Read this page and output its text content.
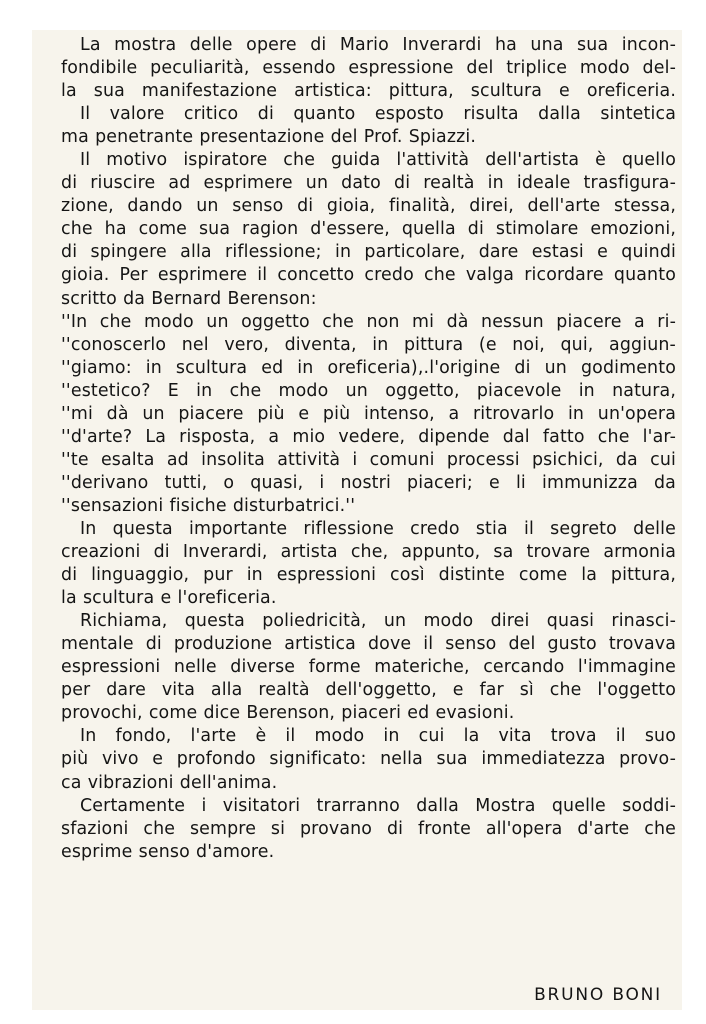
La mostra delle opere di Mario Inverardi ha una sua incon-
fondibile peculiarità, essendo espressione del triplice modo del-
la sua manifestazione artistica: pittura, scultura e oreficeria.
Il valore critico di quanto esposto risulta dalla sintetica
ma penetrante presentazione del Prof. Spiazzi.
Il motivo ispiratore che guida l'attività dell'artista è quello
di riuscire ad esprimere un dato di realtà in ideale trasfigura-
zione, dando un senso di gioia, finalità, direi, dell'arte stessa,
che ha come sua ragion d'essere, quella di stimolare emozioni,
di spingere alla riflessione; in particolare, dare estasi e quindi
gioia. Per esprimere il concetto credo che valga ricordare quanto
scritto da Bernard Berenson:
''In che modo un oggetto che non mi dà nessun piacere a ri-
''conoscerlo nel vero, diventa, in pittura (e noi, qui, aggiun-
''giamo: in scultura ed in oreficeria),.l'origine di un godimento
''estetico? E in che modo un oggetto, piacevole in natura,
''mi dà un piacere più e più intenso, a ritrovarlo in un'opera
''d'arte? La risposta, a mio vedere, dipende dal fatto che l'ar-
''te esalta ad insolita attività i comuni processi psichici, da cui
''derivano tutti, o quasi, i nostri piaceri; e li immunizza da
''sensazioni fisiche disturbatrici.''
In questa importante riflessione credo stia il segreto delle
creazioni di Inverardi, artista che, appunto, sa trovare armonia
di linguaggio, pur in espressioni così distinte come la pittura,
la scultura e l'oreficeria.
Richiama, questa poliedricità, un modo direi quasi rinasci-
mentale di produzione artistica dove il senso del gusto trovava
espressioni nelle diverse forme materiche, cercando l'immagine
per dare vita alla realtà dell'oggetto, e far sì che l'oggetto
provochi, come dice Berenson, piaceri ed evasioni.
In fondo, l'arte è il modo in cui la vita trova il suo
più vivo e profondo significato: nella sua immediatezza provo-
ca vibrazioni dell'anima.
Certamente i visitatori trarranno dalla Mostra quelle soddi-
sfazioni che sempre si provano di fronte all'opera d'arte che
esprime senso d'amore.
BRUNO BONI
